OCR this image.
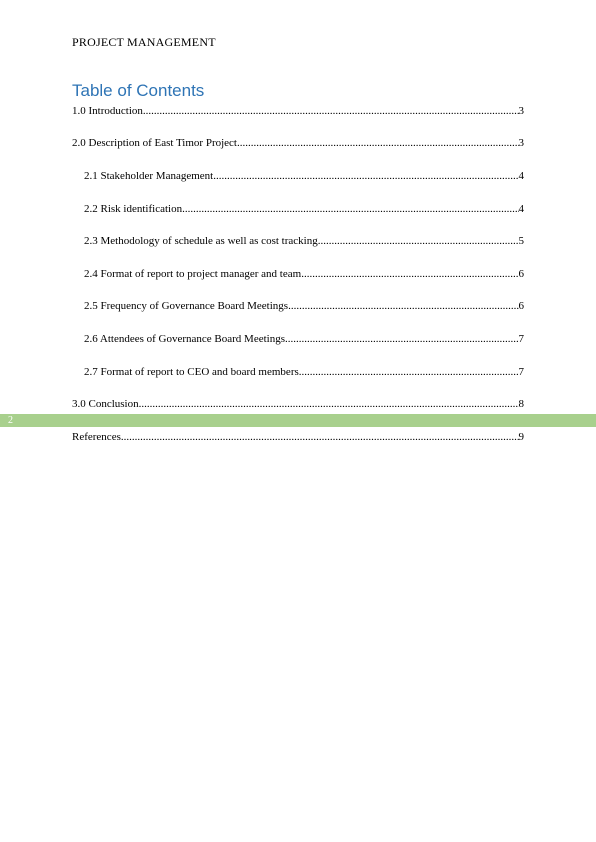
PROJECT MANAGEMENT
Table of Contents
1.0 Introduction .....	3
2.0 Description of East Timor Project .....	3
2.1 Stakeholder Management .....	4
2.2 Risk identification .....	4
2.3 Methodology of schedule as well as cost tracking .....	5
2.4 Format of report to project manager and team .....	6
2.5 Frequency of Governance Board Meetings .....	6
2.6 Attendees of Governance Board Meetings .....	7
2.7 Format of report to CEO and board members .....	7
3.0 Conclusion .....	8
References .....	9
2
